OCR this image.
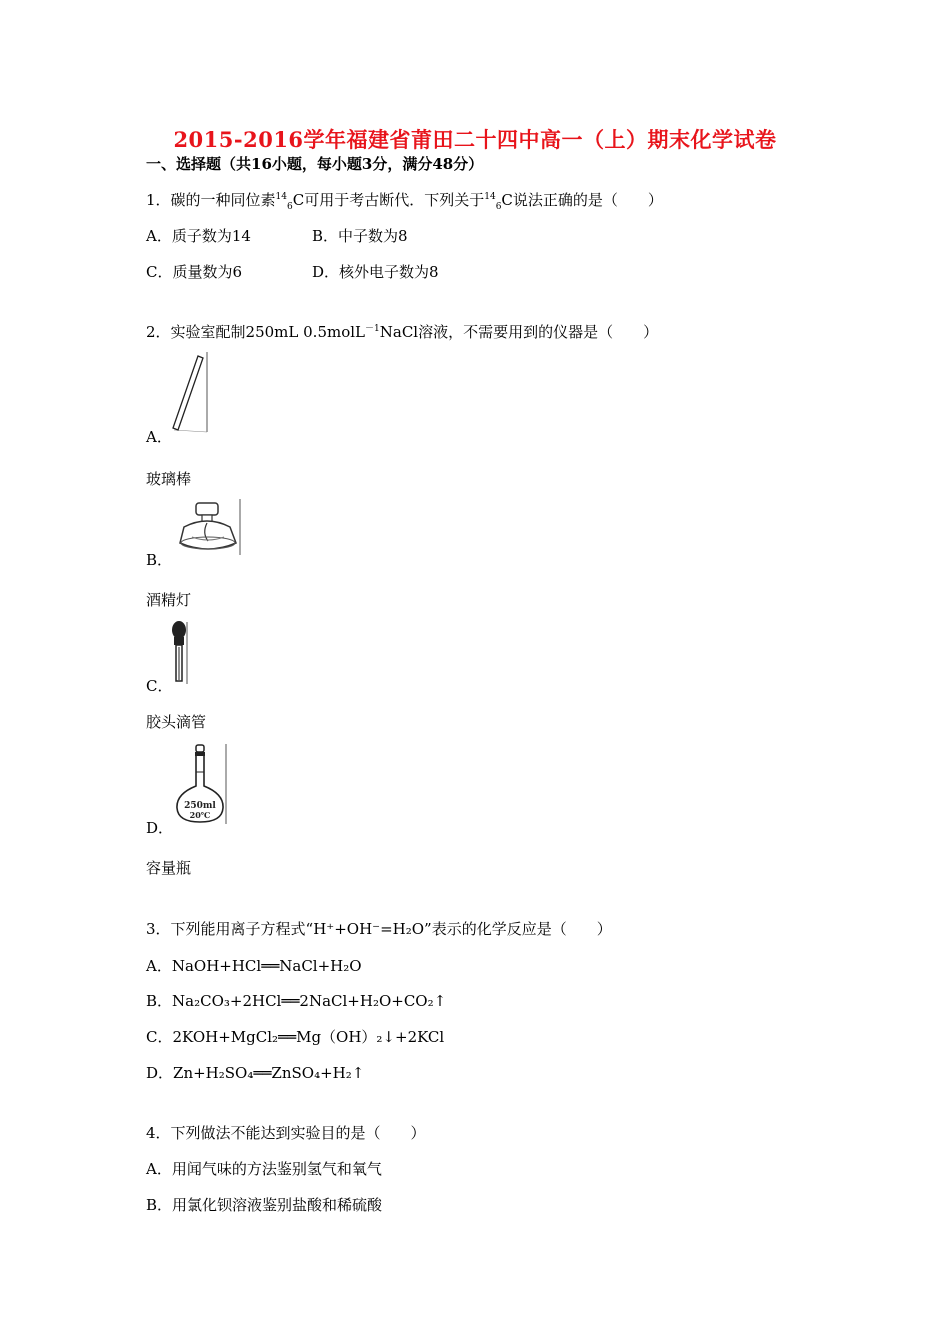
2015-2016学年福建省莆田二十四中高一（上）期末化学试卷
一、选择题（共16小题，每小题3分，满分48分）
1．碳的一种同位素$^{14}_6$C可用于考古断代．下列关于$^{14}_6$C说法正确的是（　　）
A．质子数为14	B．中子数为8
C．质量数为6	D．核外电子数为8
2．实验室配制250mL 0.5molL$^{-1}$NaCl溶液，不需要用到的仪器是（　　）
A．
玻璃棒
B．
酒精灯
C．
胶头滴管
250ml
20℃
D．
容量瓶
3．下列能用离子方程式“H⁺+OH⁻=H₂O”表示的化学反应是（　　）
A．NaOH+HCl══NaCl+H₂O
B．Na₂CO₃+2HCl══2NaCl+H₂O+CO₂↑
C．2KOH+MgCl₂══Mg（OH）₂↓+2KCl
D．Zn+H₂SO₄══ZnSO₄+H₂↑
4．下列做法不能达到实验目的是（　　）
A．用闻气味的方法鉴别氢气和氧气
B．用氯化钡溶液鉴别盐酸和稀硫酸
